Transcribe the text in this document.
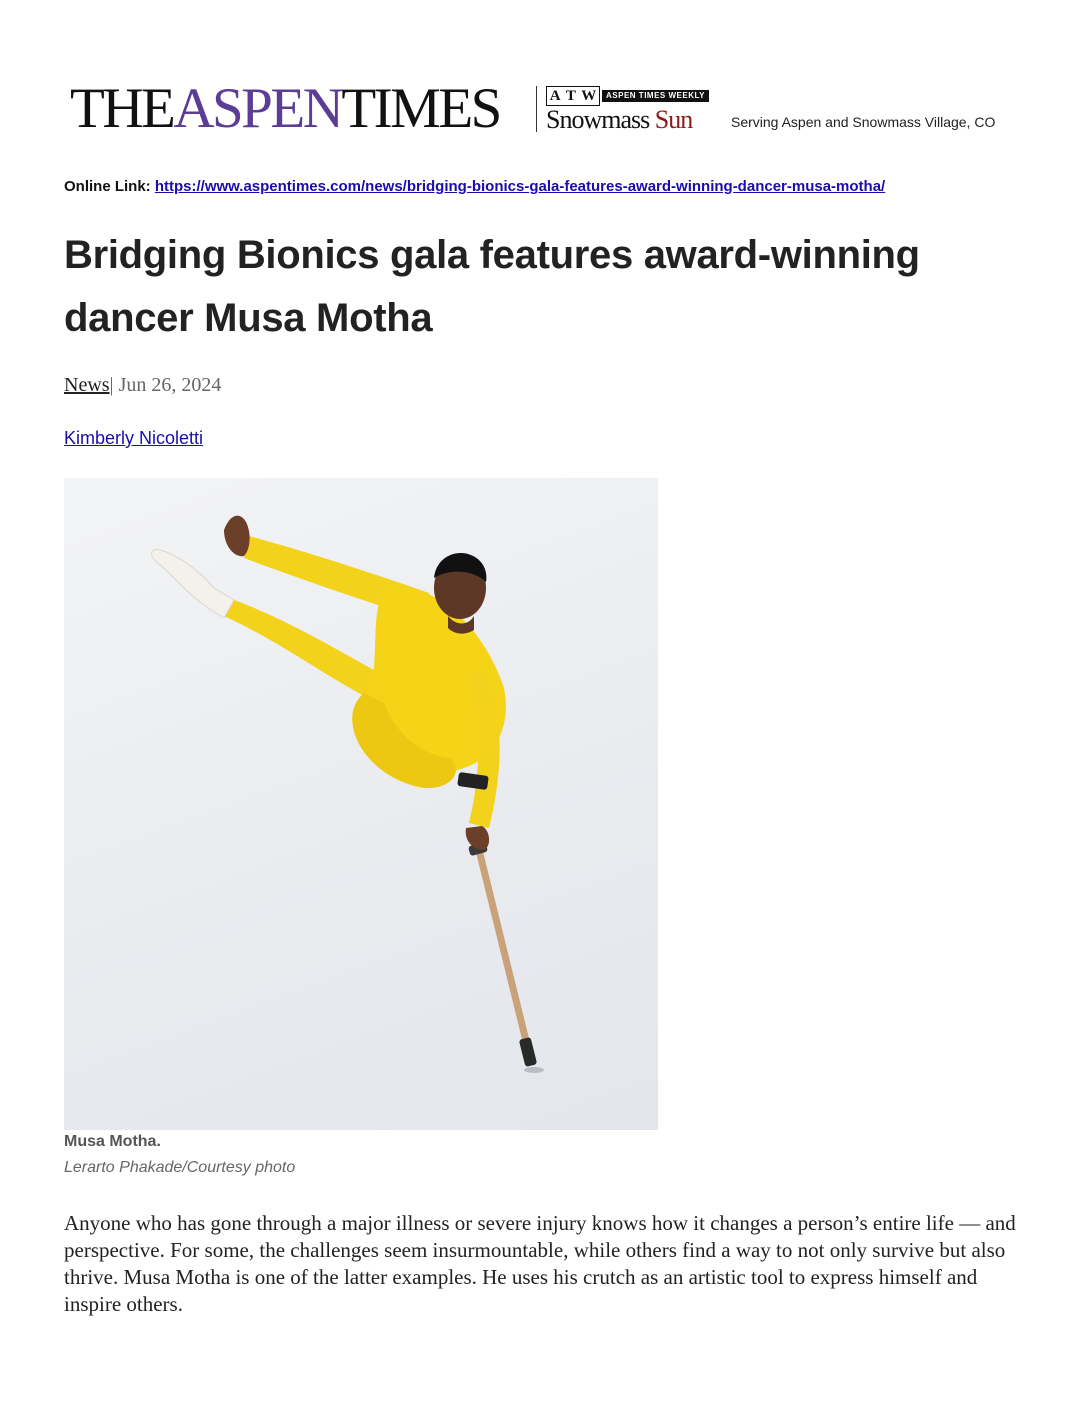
THEASPENTIMES	A T W	ASPEN TIMES WEEKLY
Snowmass Sun	Serving Aspen and Snowmass Village, CO
Online Link: https://www.aspentimes.com/news/bridging-bionics-gala-features-award-winning-dancer-musa-motha/
Bridging Bionics gala features award-winning dancer Musa Motha
News| Jun 26, 2024
Kimberly Nicoletti
Musa Motha.
Lerarto Phakade/Courtesy photo

Anyone who has gone through a major illness or severe injury knows how it changes a person’s entire life — and perspective. For some, the challenges seem insurmountable, while others find a way to not only survive but also thrive. Musa Motha is one of the latter examples. He uses his crutch as an artistic tool to express himself and inspire others.
